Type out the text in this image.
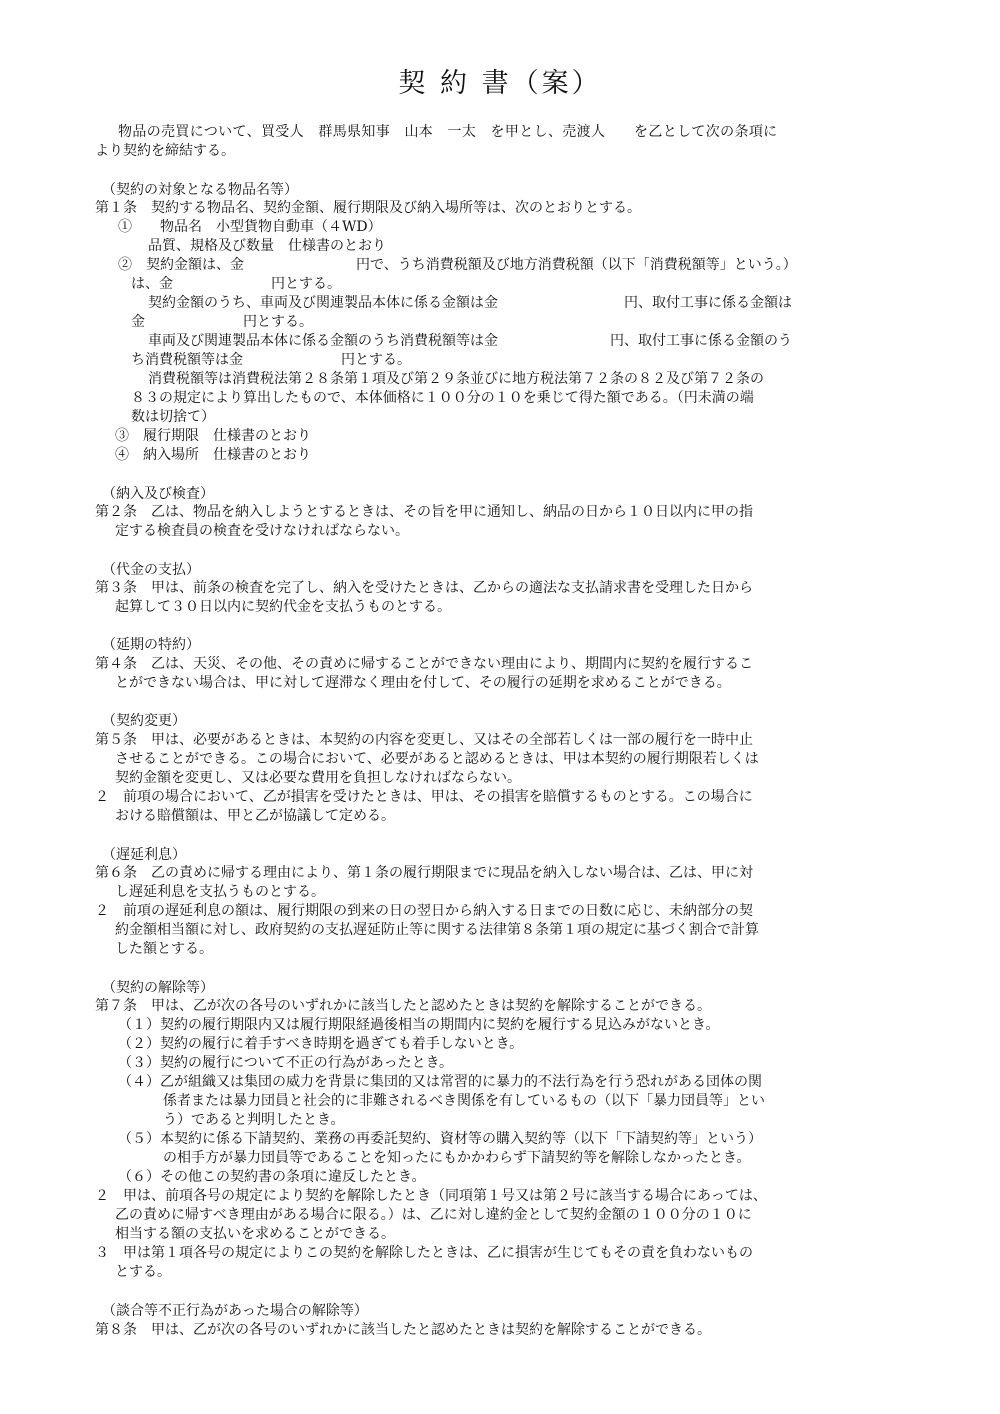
契 約 書（案）
物品の売買について、買受人　群馬県知事　山本　一太　を甲とし、売渡人　　を乙として次の条項に
より契約を締結する。
（契約の対象となる物品名等）
第１条　契約する物品名、契約金額、履行期限及び納入場所等は、次のとおりとする。
①　　物品名　小型貨物自動車（４WD）
品質、規格及び数量　仕様書のとおり
②　契約金額は、金　　　　　　　　円で、うち消費税額及び地方消費税額（以下「消費税額等」という。）
は、金　　　　　　　円とする。
契約金額のうち、車両及び関連製品本体に係る金額は金　　　　　　　　　円、取付工事に係る金額は
金　　　　　　　円とする。
車両及び関連製品本体に係る金額のうち消費税額等は金　　　　　　　　円、取付工事に係る金額のう
ち消費税額等は金　　　　　　　円とする。
消費税額等は消費税法第２８条第１項及び第２９条並びに地方税法第７２条の８２及び第７２条の
８３の規定により算出したもので、本体価格に１００分の１０を乗じて得た額である。（円未満の端
数は切捨て）
③　履行期限　仕様書のとおり
④　納入場所　仕様書のとおり
（納入及び検査）
第２条　乙は、物品を納入しようとするときは、その旨を甲に通知し、納品の日から１０日以内に甲の指
定する検査員の検査を受けなければならない。
（代金の支払）
第３条　甲は、前条の検査を完了し、納入を受けたときは、乙からの適法な支払請求書を受理した日から
起算して３０日以内に契約代金を支払うものとする。
（延期の特約）
第４条　乙は、天災、その他、その責めに帰することができない理由により、期間内に契約を履行するこ
とができない場合は、甲に対して遅滞なく理由を付して、その履行の延期を求めることができる。
（契約変更）
第５条　甲は、必要があるときは、本契約の内容を変更し、又はその全部若しくは一部の履行を一時中止
させることができる。この場合において、必要があると認めるときは、甲は本契約の履行期限若しくは
契約金額を変更し、又は必要な費用を負担しなければならない。
２　前項の場合において、乙が損害を受けたときは、甲は、その損害を賠償するものとする。この場合に
おける賠償額は、甲と乙が協議して定める。
（遅延利息）
第６条　乙の責めに帰する理由により、第１条の履行期限までに現品を納入しない場合は、乙は、甲に対
し遅延利息を支払うものとする。
２　前項の遅延利息の額は、履行期限の到来の日の翌日から納入する日までの日数に応じ、未納部分の契
約金額相当額に対し、政府契約の支払遅延防止等に関する法律第８条第１項の規定に基づく割合で計算
した額とする。
（契約の解除等）
第７条　甲は、乙が次の各号のいずれかに該当したと認めたときは契約を解除することができる。
（１）契約の履行期限内又は履行期限経過後相当の期間内に契約を履行する見込みがないとき。
（２）契約の履行に着手すべき時期を過ぎても着手しないとき。
（３）契約の履行について不正の行為があったとき。
（４）乙が組織又は集団の威力を背景に集団的又は常習的に暴力的不法行為を行う恐れがある団体の関
係者または暴力団員と社会的に非難されるべき関係を有しているもの（以下「暴力団員等」とい
う）であると判明したとき。
（５）本契約に係る下請契約、業務の再委託契約、資材等の購入契約等（以下「下請契約等」という）
の相手方が暴力団員等であることを知ったにもかかわらず下請契約等を解除しなかったとき。
（６）その他この契約書の条項に違反したとき。
２　甲は、前項各号の規定により契約を解除したとき（同項第１号又は第２号に該当する場合にあっては、
乙の責めに帰すべき理由がある場合に限る。）は、乙に対し違約金として契約金額の１００分の１０に
相当する額の支払いを求めることができる。
３　甲は第１項各号の規定によりこの契約を解除したときは、乙に損害が生じてもその責を負わないもの
とする。
（談合等不正行為があった場合の解除等）
第８条　甲は、乙が次の各号のいずれかに該当したと認めたときは契約を解除することができる。
